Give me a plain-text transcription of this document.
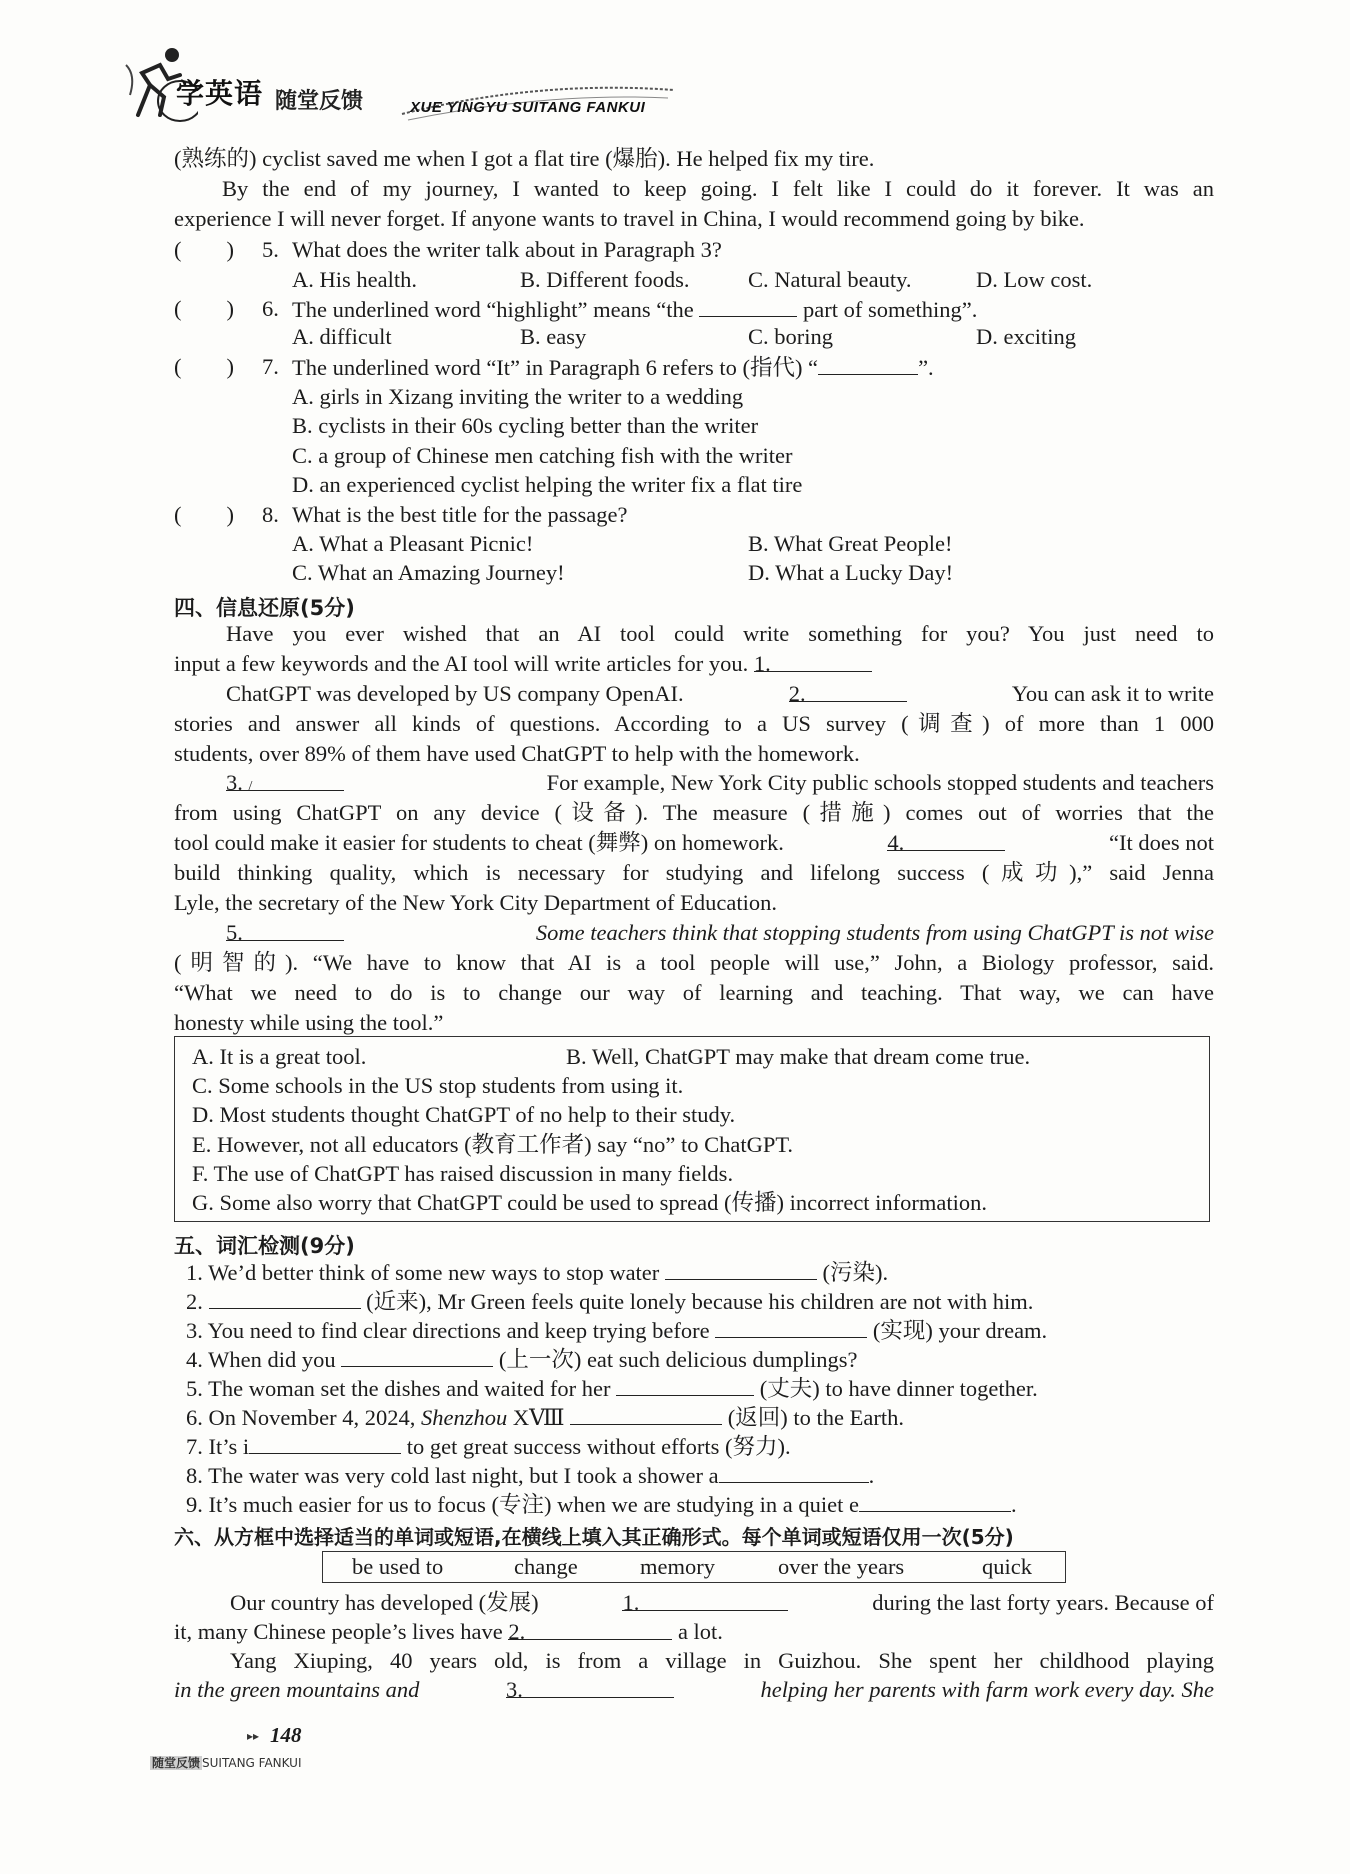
学英语 随堂反馈	XUE YINGYU SUITANG FANKUI
(熟练的) cyclist saved me when I got a flat tire (爆胎). He helped fix my tire.
By the end of my journey, I wanted to keep going. I felt like I could do it forever. It was an
experience I will never forget. If anyone wants to travel in China, I would recommend going by bike.
(        ) 5. What does the writer talk about in Paragraph 3?
A. His health.	B. Different foods.	C. Natural beauty.	D. Low cost.
(        ) 6. The underlined word “highlight” means “the	part of something”.
A. difficult	B. easy	C. boring	D. exciting
(        ) 7. The underlined word “It” in Paragraph 6 refers to (指代) “	”.
A. girls in Xizang inviting the writer to a wedding
B. cyclists in their 60s cycling better than the writer
C. a group of Chinese men catching fish with the writer
D. an experienced cyclist helping the writer fix a flat tire
(        ) 8. What is the best title for the passage?
A. What a Pleasant Picnic!	B. What Great People!
C. What an Amazing Journey!	D. What a Lucky Day!
四、信息还原(5分)
Have you ever wished that an AI tool could write something for you? You just need to
input a few keywords and the AI tool will write articles for you. 1.
ChatGPT was developed by US company OpenAI.	2.	You can ask it to write
stories and answer all kinds of questions. According to a US survey (调查) of more than 1 000
students, over 89% of them have used ChatGPT to help with the homework.
3. /	For example, New York City public schools stopped students and teachers
from using ChatGPT on any device (设备). The measure (措施) comes out of worries that the
tool could make it easier for students to cheat (舞弊) on homework.	4.	“It does not
build thinking quality, which is necessary for studying and lifelong success (成功),” said Jenna
Lyle, the secretary of the New York City Department of Education.
5.	Some teachers think that stopping students from using ChatGPT is not wise
(明智的). “We have to know that AI is a tool people will use,” John, a Biology professor, said.
“What we need to do is to change our way of learning and teaching. That way, we can have
honesty while using the tool.”
A. It is a great tool.	B. Well, ChatGPT may make that dream come true.
C. Some schools in the US stop students from using it.
D. Most students thought ChatGPT of no help to their study.
E. However, not all educators (教育工作者) say “no” to ChatGPT.
F. The use of ChatGPT has raised discussion in many fields.
G. Some also worry that ChatGPT could be used to spread (传播) incorrect information.
五、词汇检测(9分)
1. We’d better think of some new ways to stop water	(污染).
2.	(近来), Mr Green feels quite lonely because his children are not with him.
3. You need to find clear directions and keep trying before	(实现) your dream.
4. When did you	(上一次) eat such delicious dumplings?
5. The woman set the dishes and waited for her	(丈夫) to have dinner together.
6. On November 4, 2024, Shenzhou XⅧ	(返回) to the Earth.
7. It’s i	to get great success without efforts (努力).
8. The water was very cold last night, but I took a shower a	.
9. It’s much easier for us to focus (专注) when we are studying in a quiet e	.
六、从方框中选择适当的单词或短语,在横线上填入其正确形式。每个单词或短语仅用一次(5分)
be used to	change	memory	over the years	quick
Our country has developed (发展)	1.	during the last forty years. Because of
it, many Chinese people’s lives have 2.	a lot.
Yang Xiuping, 40 years old, is from a village in Guizhou. She spent her childhood playing
in the green mountains and	3.	helping her parents with farm work every day. She
▸▸ 148
随堂反馈 SUITANG FANKUI
